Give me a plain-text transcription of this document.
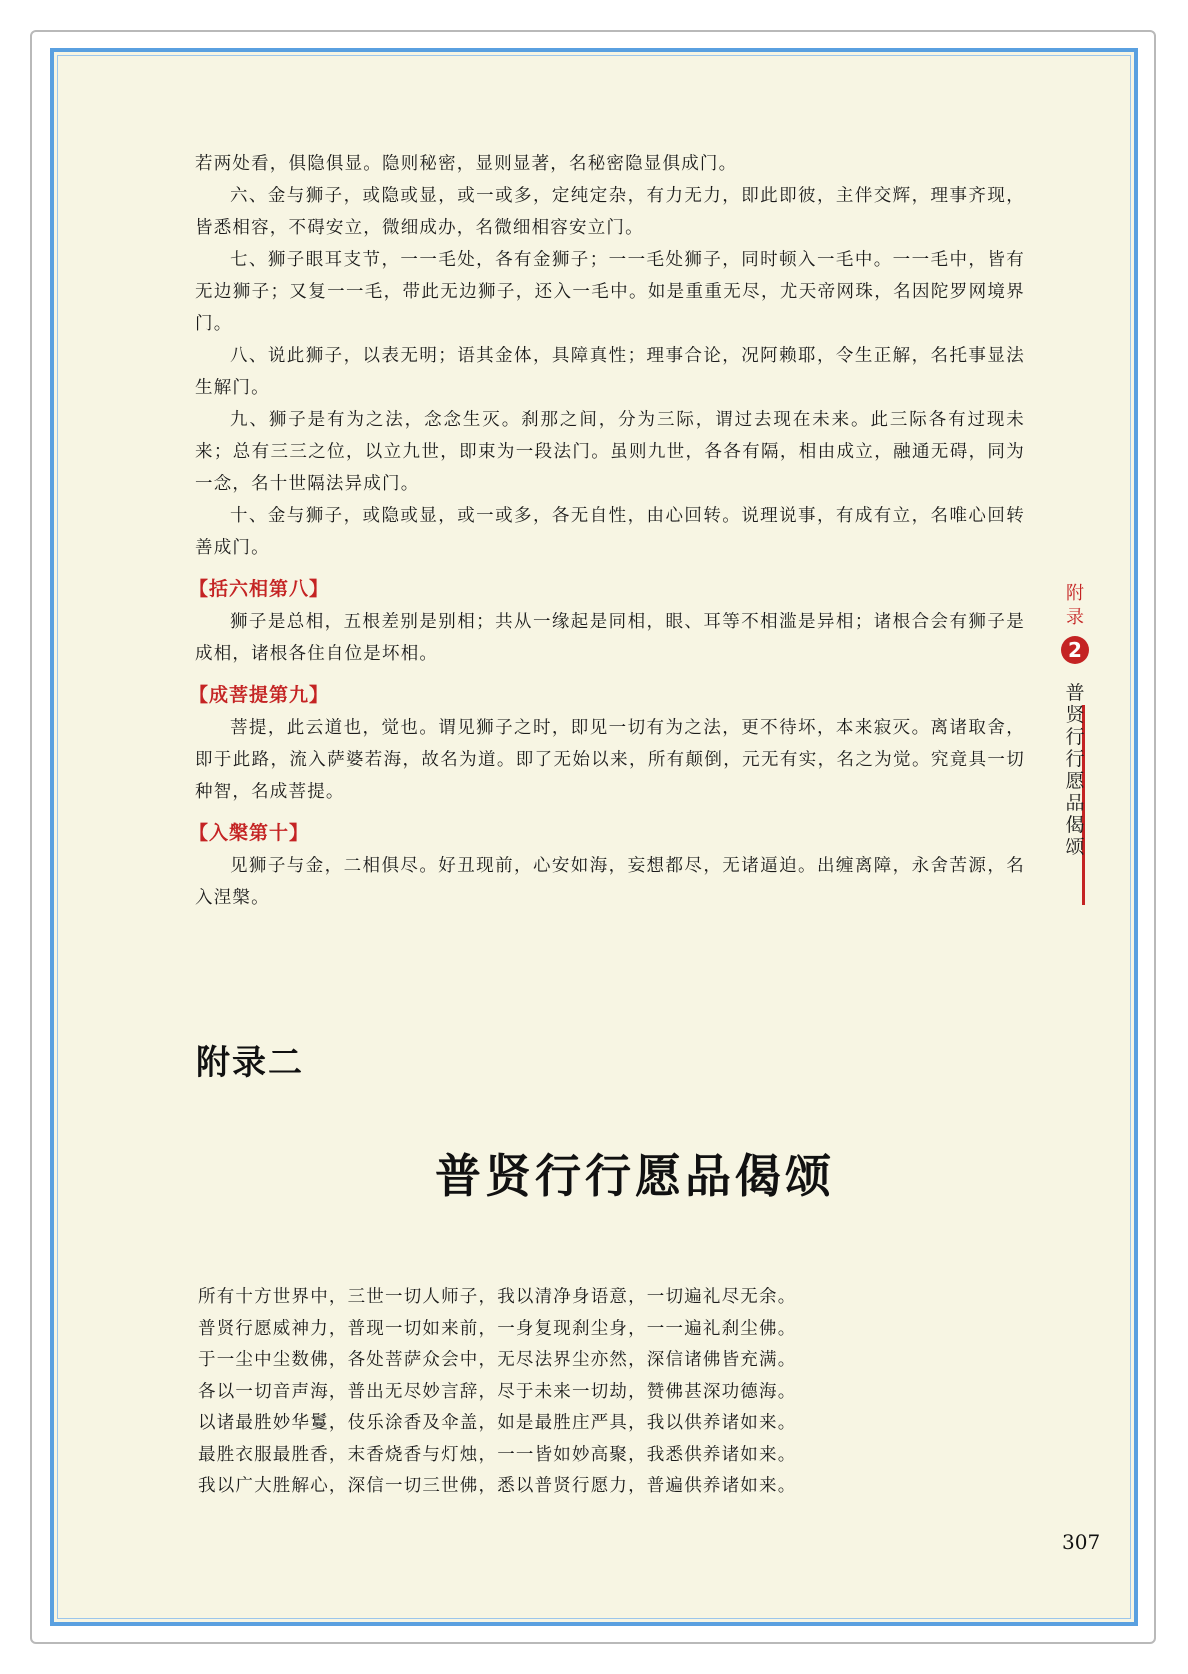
若两处看，俱隐俱显。隐则秘密，显则显著，名秘密隐显俱成门。

六、金与狮子，或隐或显，或一或多，定纯定杂，有力无力，即此即彼，主伴交辉，理事齐现，皆悉相容，不碍安立，微细成办，名微细相容安立门。

七、狮子眼耳支节，一一毛处，各有金狮子；一一毛处狮子，同时顿入一毛中。一一毛中，皆有无边狮子；又复一一毛，带此无边狮子，还入一毛中。如是重重无尽，尤天帝网珠，名因陀罗网境界门。

八、说此狮子，以表无明；语其金体，具障真性；理事合论，况阿赖耶，令生正解，名托事显法生解门。

九、狮子是有为之法，念念生灭。刹那之间，分为三际，谓过去现在未来。此三际各有过现未来；总有三三之位，以立九世，即束为一段法门。虽则九世，各各有隔，相由成立，融通无碍，同为一念，名十世隔法异成门。

十、金与狮子，或隐或显，或一或多，各无自性，由心回转。说理说事，有成有立，名唯心回转善成门。

【括六相第八】

狮子是总相，五根差别是别相；共从一缘起是同相，眼、耳等不相滥是异相；诸根合会有狮子是成相，诸根各住自位是坏相。

【成菩提第九】

菩提，此云道也，觉也。谓见狮子之时，即见一切有为之法，更不待坏，本来寂灭。离诸取舍，即于此路，流入萨婆若海，故名为道。即了无始以来，所有颠倒，元无有实，名之为觉。究竟具一切种智，名成菩提。

【入槃第十】

见狮子与金，二相俱尽。好丑现前，心安如海，妄想都尽，无诸逼迫。出缠离障，永舍苦源，名入涅槃。

附录二
普贤行行愿品偈颂
所有十方世界中，三世一切人师子，我以清净身语意，一切遍礼尽无余。
普贤行愿威神力，普现一切如来前，一身复现刹尘身，一一遍礼刹尘佛。
于一尘中尘数佛，各处菩萨众会中，无尽法界尘亦然，深信诸佛皆充满。
各以一切音声海，普出无尽妙言辞，尽于未来一切劫，赞佛甚深功德海。
以诸最胜妙华鬘，伎乐涂香及伞盖，如是最胜庄严具，我以供养诸如来。
最胜衣服最胜香，末香烧香与灯烛，一一皆如妙高聚，我悉供养诸如来。
我以广大胜解心，深信一切三世佛，悉以普贤行愿力，普遍供养诸如来。
附
录
2
普
贤
行
行
愿
品
偈
颂
307
